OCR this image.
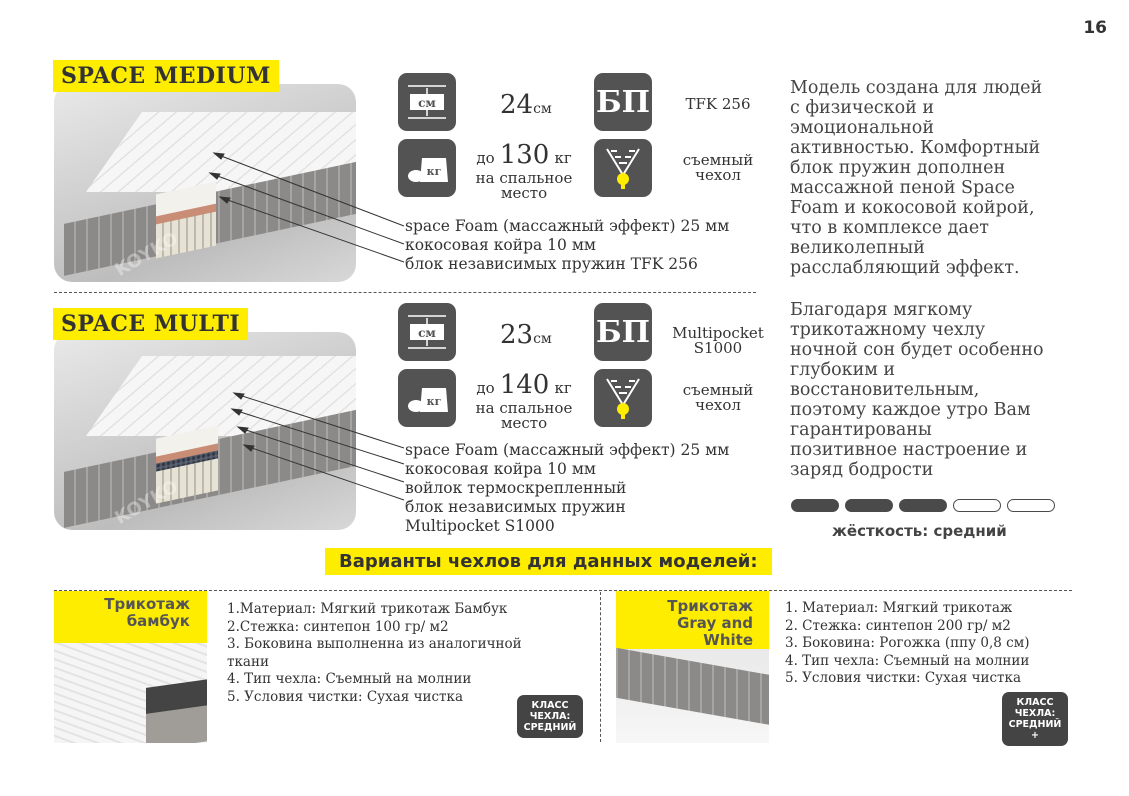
16
KOYKO
SPACE MEDIUM
см 24см БП	TFK 256
кг
до 130 кг
на спальное
место
съемный
чехол
space Foam (массажный эффект) 25 мм
кокосовая койра 10 мм
блок независимых пружин TFK 256
KOYKO
SPACE MULTI	см 23см БП	Multipocket
S1000
кг
до 140 кг
на спальное
место
съемный
чехол
space Foam (массажный эффект) 25 мм
кокосовая койра 10 мм
войлок термоскрепленный
блок независимых пружин
Multipocket S1000
Модель создана для людей
с физической и
эмоциональной
активностью. Комфортный
блок пружин дополнен
массажной пеной Space
Foam и кокосовой койрой,
что в комплексе дает
великолепный
расслабляющий эффект.
Благодаря мягкому
трикотажному чехлу
ночной сон будет особенно
глубоким и
восстановительным,
поэтому каждое утро Вам
гарантированы
позитивное настроение и
заряд бодрости
жёсткость: средний
Варианты чехлов для данных моделей:
Трикотаж
бамбук
1.Материал: Мягкий трикотаж Бамбук
2.Стежка: синтепон 100 гр/ м2
3. Боковина выполненна из аналогичной
ткани
4. Тип чехла: Съемный на молнии
5. Условия чистки: Сухая чистка
КЛАСС
ЧЕХЛА:
СРЕДНИЙ
Трикотаж
Gray and
White
1. Материал: Мягкий трикотаж
2. Стежка: синтепон 200 гр/ м2
3. Боковина: Рогожка (ппу 0,8 см)
4. Тип чехла: Съемный на молнии
5. Условия чистки: Сухая чистка
КЛАСС
ЧЕХЛА:
СРЕДНИЙ
+
